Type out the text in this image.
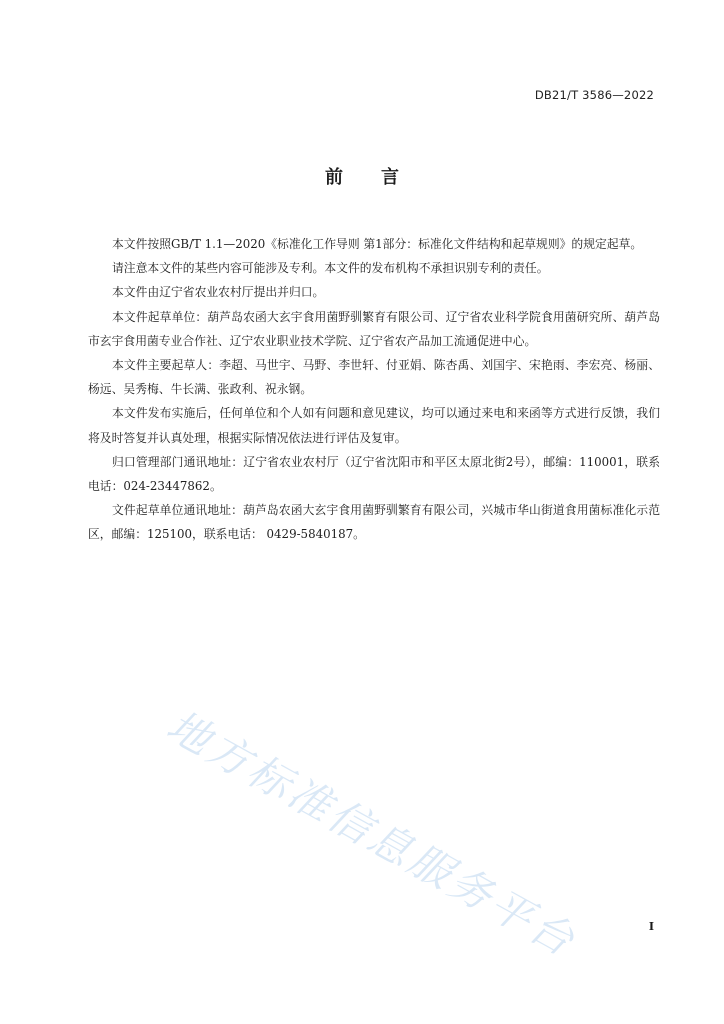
DB21/T 3586—2022
前言

本文件按照GB/T 1.1—2020《标准化工作导则 第1部分：标准化文件结构和起草规则》的规定起草。

请注意本文件的某些内容可能涉及专利。本文件的发布机构不承担识别专利的责任。

本文件由辽宁省农业农村厅提出并归口。

本文件起草单位：葫芦岛农函大玄宇食用菌野驯繁育有限公司、辽宁省农业科学院食用菌研究所、葫芦岛市玄宇食用菌专业合作社、辽宁农业职业技术学院、辽宁省农产品加工流通促进中心。

本文件主要起草人：李超、马世宇、马野、李世轩、付亚娟、陈杏禹、刘国宇、宋艳雨、李宏亮、杨丽、杨远、吴秀梅、牛长满、张政利、祝永钢。

本文件发布实施后，任何单位和个人如有问题和意见建议，均可以通过来电和来函等方式进行反馈，我们将及时答复并认真处理，根据实际情况依法进行评估及复审。

归口管理部门通讯地址：辽宁省农业农村厅（辽宁省沈阳市和平区太原北街2号），邮编：110001，联系电话：024-23447862。

文件起草单位通讯地址：葫芦岛农函大玄宇食用菌野驯繁育有限公司，兴城市华山街道食用菌标准化示范区，邮编：125100，联系电话： 0429-5840187。

地方标准信息服务平台	I
